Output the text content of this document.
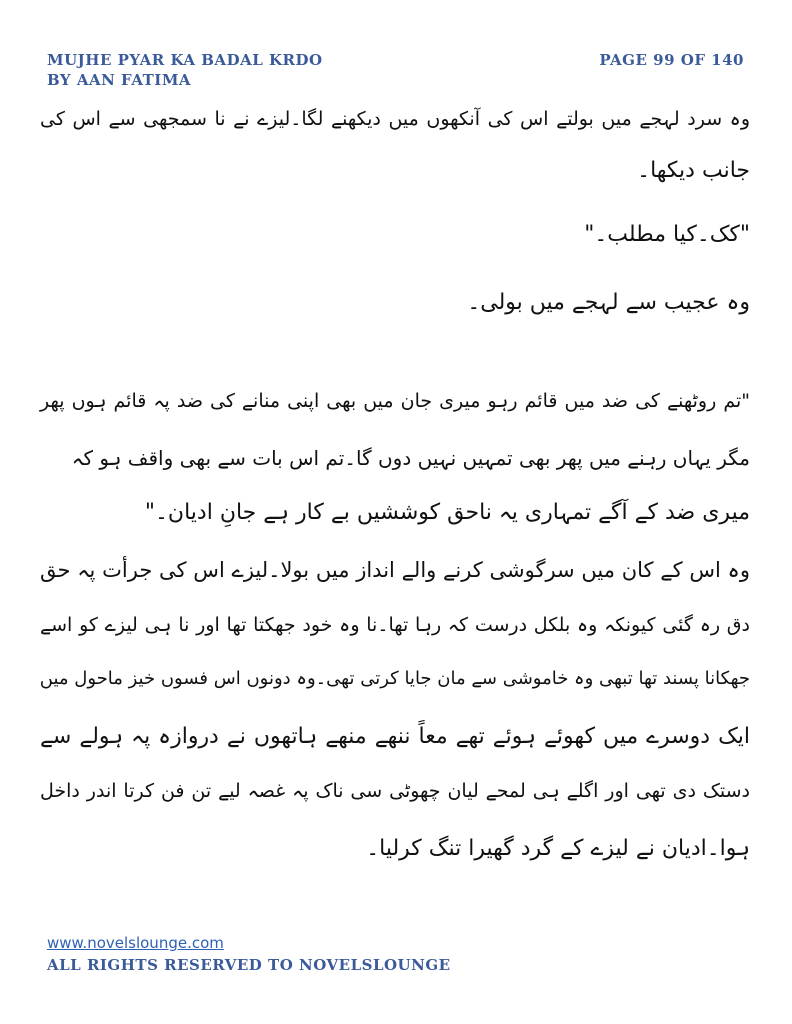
MUJHE PYAR KA BADAL KRDO
BY AAN FATIMA
PAGE 99 OF 140
وہ سرد لہجے میں بولتے اس کی آنکھوں میں دیکھنے لگا۔لیزے نے نا سمجھی سے اس کی
جانب دیکھا۔
"کک۔کیا مطلب۔"
وہ عجیب سے لہجے میں بولی۔
"تم روٹھنے کی ضد میں قائم رہو میری جان میں بھی اپنی منانے کی ضد پہ قائم ہوں پھر
مگر یہاں رہنے میں پھر بھی تمہیں نہیں دوں گا۔تم اس بات سے بھی واقف ہو کہ
میری ضد کے آگے تمہاری یہ ناحق کوششیں بے کار ہے جانِ ادیان۔"
وہ اس کے کان میں سرگوشی کرنے والے انداز میں بولا۔لیزے اس کی جرأت پہ حق
دق رہ گئی کیونکہ وہ بلکل درست کہ رہا تھا۔نا وہ خود جھکتا تھا اور نا ہی لیزے کو اسے
جھکانا پسند تھا تبھی وہ خاموشی سے مان جایا کرتی تھی۔وہ دونوں اس فسوں خیز ماحول میں
ایک دوسرے میں کھوئے ہوئے تھے معاً ننھے منھے ہاتھوں نے دروازہ پہ ہولے سے
دستک دی تھی اور اگلے ہی لمحے لیان چھوٹی سی ناک پہ غصہ لیے تن فن کرتا اندر داخل
ہوا۔ادیان نے لیزے کے گرد گھیرا تنگ کرلیا۔
www.novelslounge.com
ALL RIGHTS RESERVED TO NOVELSLOUNGE
